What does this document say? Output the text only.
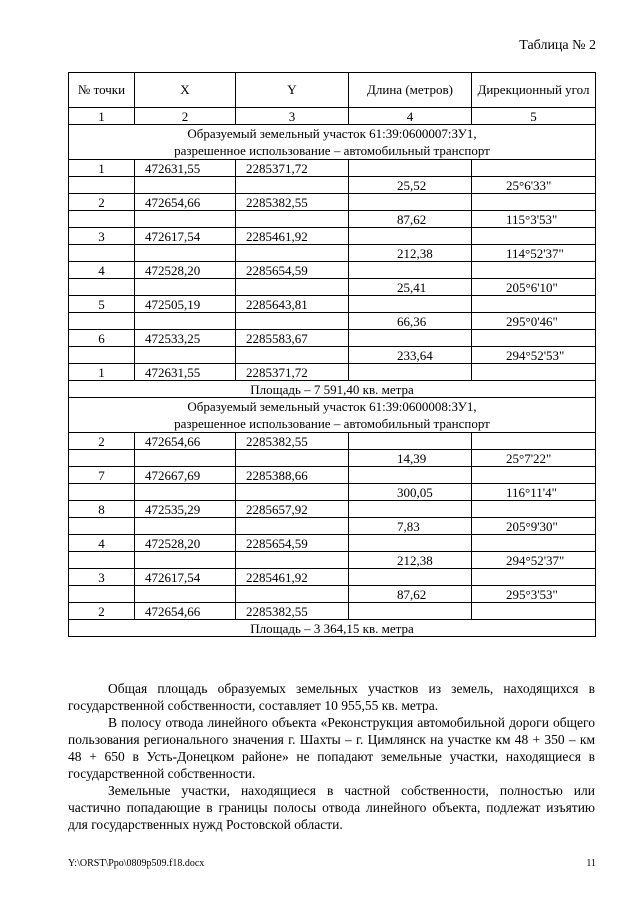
Таблица № 2
№ точки	X	Y	Длина (метров)	Дирекционный угол
1	2	3	4	5

Образуемый земельный участок 61:39:0600007:ЗУ1,
разрешенное использование – автомобильный транспорт				

1	472631,55	2285371,72		
			25,52	25°6'33"
2	472654,66	2285382,55		
			87,62	115°3'53"
3	472617,54	2285461,92		
			212,38	114°52'37"
4	472528,20	2285654,59		
			25,41	205°6'10"
5	472505,19	2285643,81		
			66,36	295°0'46"
6	472533,25	2285583,67		
			233,64	294°52'53"
1	472631,55	2285371,72		
Площадь – 7 591,40 кв. метра				

Образуемый земельный участок 61:39:0600008:ЗУ1,
разрешенное использование – автомобильный транспорт				

2	472654,66	2285382,55		
			14,39	25°7'22"
7	472667,69	2285388,66		
			300,05	116°11'4"
8	472535,29	2285657,92		
			7,83	205°9'30"
4	472528,20	2285654,59		
			212,38	294°52'37"
3	472617,54	2285461,92		
			87,62	295°3'53"
2	472654,66	2285382,55		
Площадь – 3 364,15 кв. метра				

Общая площадь образуемых земельных участков из земель, находящихся в государственной собственности, составляет 10 955,55 кв. метра.

В полосу отвода линейного объекта «Реконструкция автомобильной дороги общего пользования регионального значения г. Шахты – г. Цимлянск на участке км 48 + 350 – км 48 + 650 в Усть-Донецком районе» не попадают земельные участки, находящиеся в государственной собственности.

Земельные участки, находящиеся в частной собственности, полностью или частично попадающие в границы полосы отвода линейного объекта, подлежат изъятию для государственных нужд Ростовской области.

Y:\ORST\Ppo\0809p509.f18.docx	11
